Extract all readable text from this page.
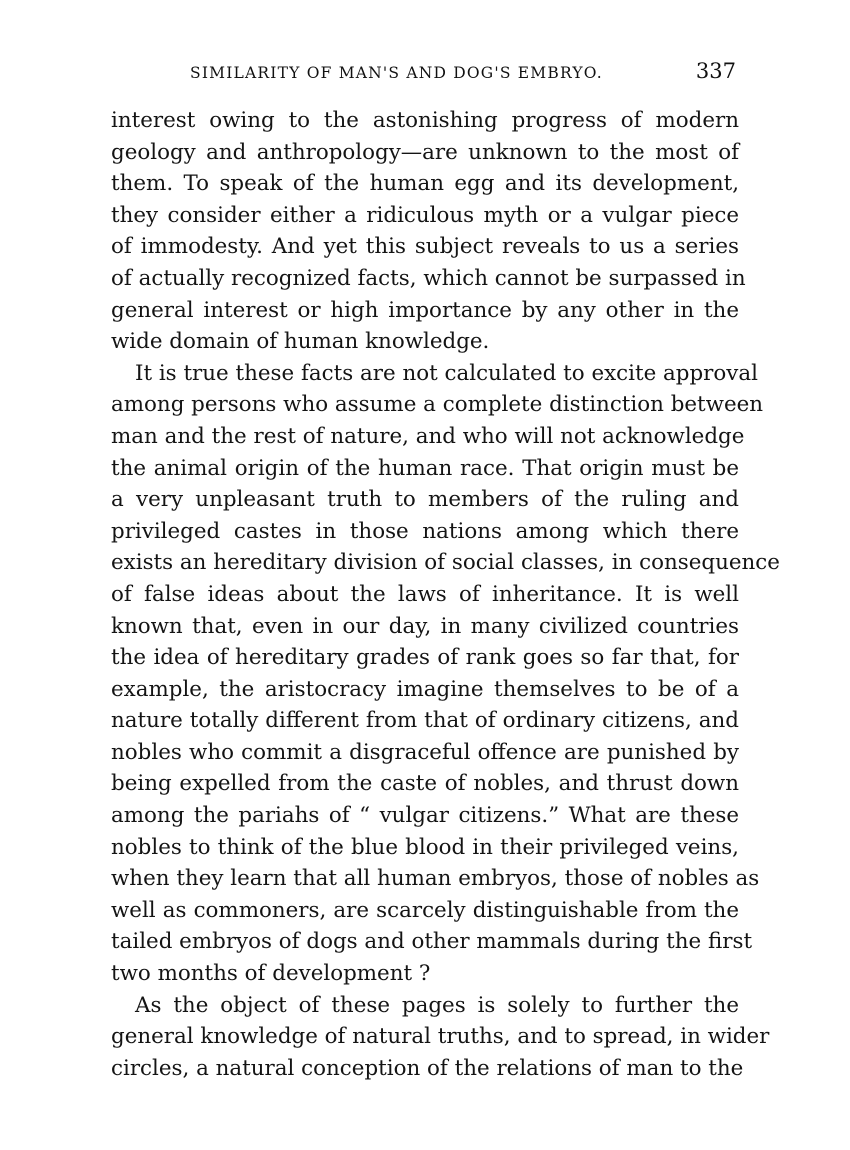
SIMILARITY OF MAN'S AND DOG'S EMBRYO.	337
interest owing to the astonishing progress of modern
geology and anthropology—are unknown to the most of
them. To speak of the human egg and its development,
they consider either a ridiculous myth or a vulgar piece
of immodesty. And yet this subject reveals to us a series
of actually recognized facts, which cannot be surpassed in
general interest or high importance by any other in the
wide domain of human knowledge.
It is true these facts are not calculated to excite approval
among persons who assume a complete distinction between
man and the rest of nature, and who will not acknowledge
the animal origin of the human race. That origin must be
a very unpleasant truth to members of the ruling and
privileged castes in those nations among which there
exists an hereditary division of social classes, in consequence
of false ideas about the laws of inheritance. It is well
known that, even in our day, in many civilized countries
the idea of hereditary grades of rank goes so far that, for
example, the aristocracy imagine themselves to be of a
nature totally different from that of ordinary citizens, and
nobles who commit a disgraceful offence are punished by
being expelled from the caste of nobles, and thrust down
among the pariahs of “ vulgar citizens.” What are these
nobles to think of the blue blood in their privileged veins,
when they learn that all human embryos, those of nobles as
well as commoners, are scarcely distinguishable from the
tailed embryos of dogs and other mammals during the first
two months of development ?
As the object of these pages is solely to further the
general knowledge of natural truths, and to spread, in wider
circles, a natural conception of the relations of man to the
